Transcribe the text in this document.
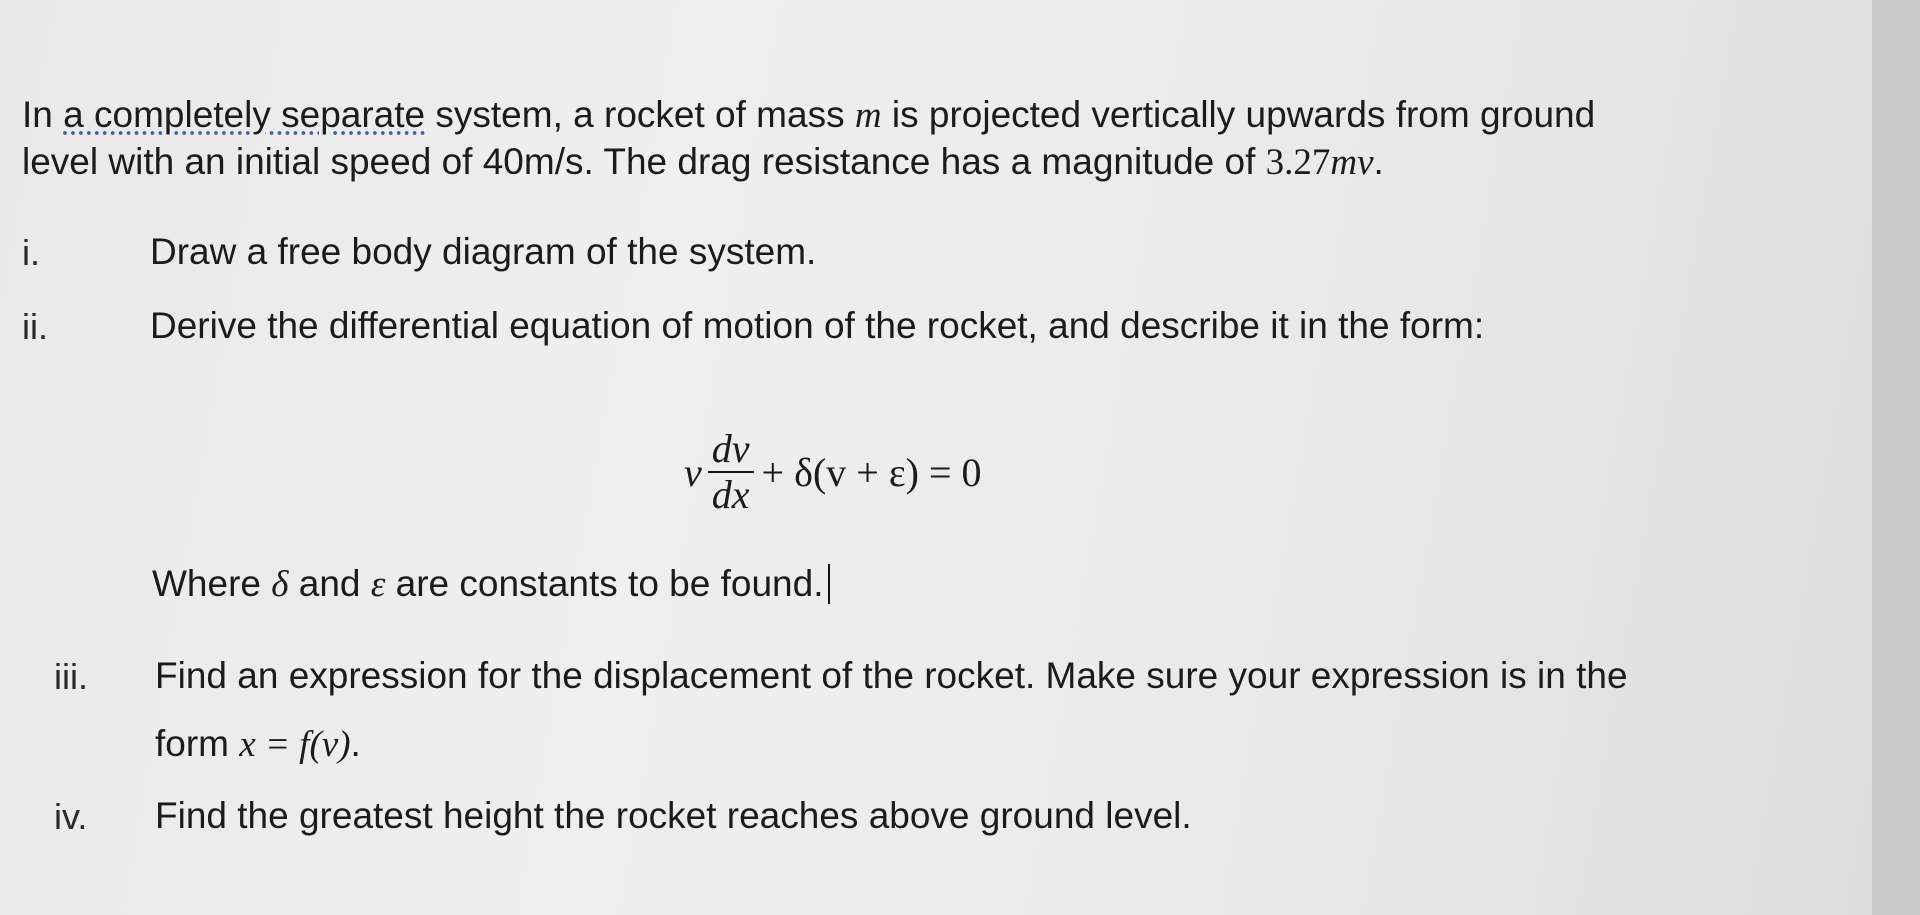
In a completely separate system, a rocket of mass m is projected vertically upwards from ground
level with an initial speed of 40m/s. The drag resistance has a magnitude of 3.27mv.
i.	Draw a free body diagram of the system.
ii.	Derive the differential equation of motion of the rocket, and describe it in the form:
v $\frac{dv}{dx} + \delta(v + \varepsilon) = 0$
Where δ and ε are constants to be found.
iii. Find an expression for the displacement of the rocket. Make sure your expression is in the
form x = f(v).
iv. Find the greatest height the rocket reaches above ground level.
